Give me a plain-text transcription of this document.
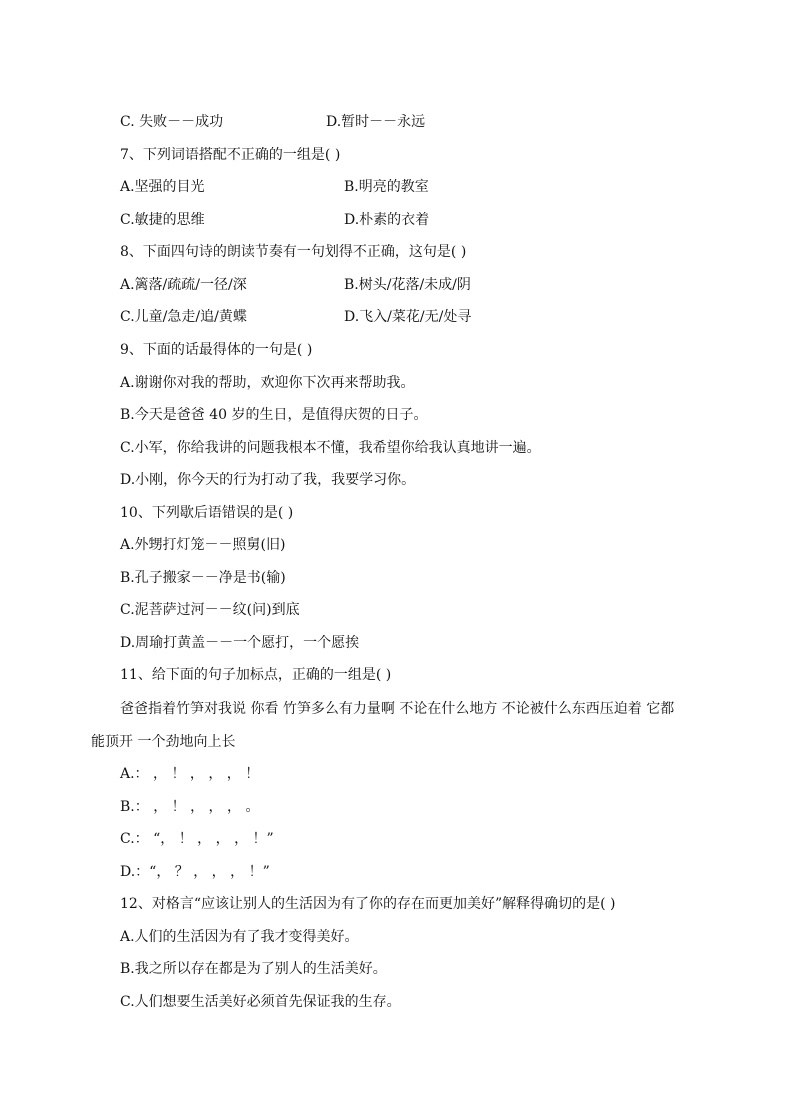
C. 失败－－成功	D.暂时－－永远
7、下列词语搭配不正确的一组是( )
A.坚强的目光	B.明亮的教室
C.敏捷的思维	D.朴素的衣着
8、下面四句诗的朗读节奏有一句划得不正确，这句是( )
A.篱落/疏疏/一径/深	B.树头/花落/未成/阴
C.儿童/急走/追/黄蝶	D.飞入/菜花/无/处寻
9、下面的话最得体的一句是( )
A.谢谢你对我的帮助，欢迎你下次再来帮助我。
B.今天是爸爸 40 岁的生日，是值得庆贺的日子。
C.小军，你给我讲的问题我根本不懂，我希望你给我认真地讲一遍。
D.小刚，你今天的行为打动了我，我要学习你。
10、下列歇后语错误的是( )
A.外甥打灯笼－－照舅(旧)
B.孔子搬家－－净是书(输)
C.泥菩萨过河－－纹(问)到底
D.周瑜打黄盖－－一个愿打，一个愿挨
11、给下面的句子加标点，正确的一组是( )
爸爸指着竹笋对我说 你看 竹笋多么有力量啊 不论在什么地方 不论被什么东西压迫着 它都
能顶开 一个劲地向上长
A.： ， ！ ， ， ， ！
B.： ， ！ ， ， ， 。
C.： “， ！ ， ， ， ！”
D.：“， ？ ， ， ， ！”
12、对格言“应该让别人的生活因为有了你的存在而更加美好”解释得确切的是( )
A.人们的生活因为有了我才变得美好。
B.我之所以存在都是为了别人的生活美好。
C.人们想要生活美好必须首先保证我的生存。
